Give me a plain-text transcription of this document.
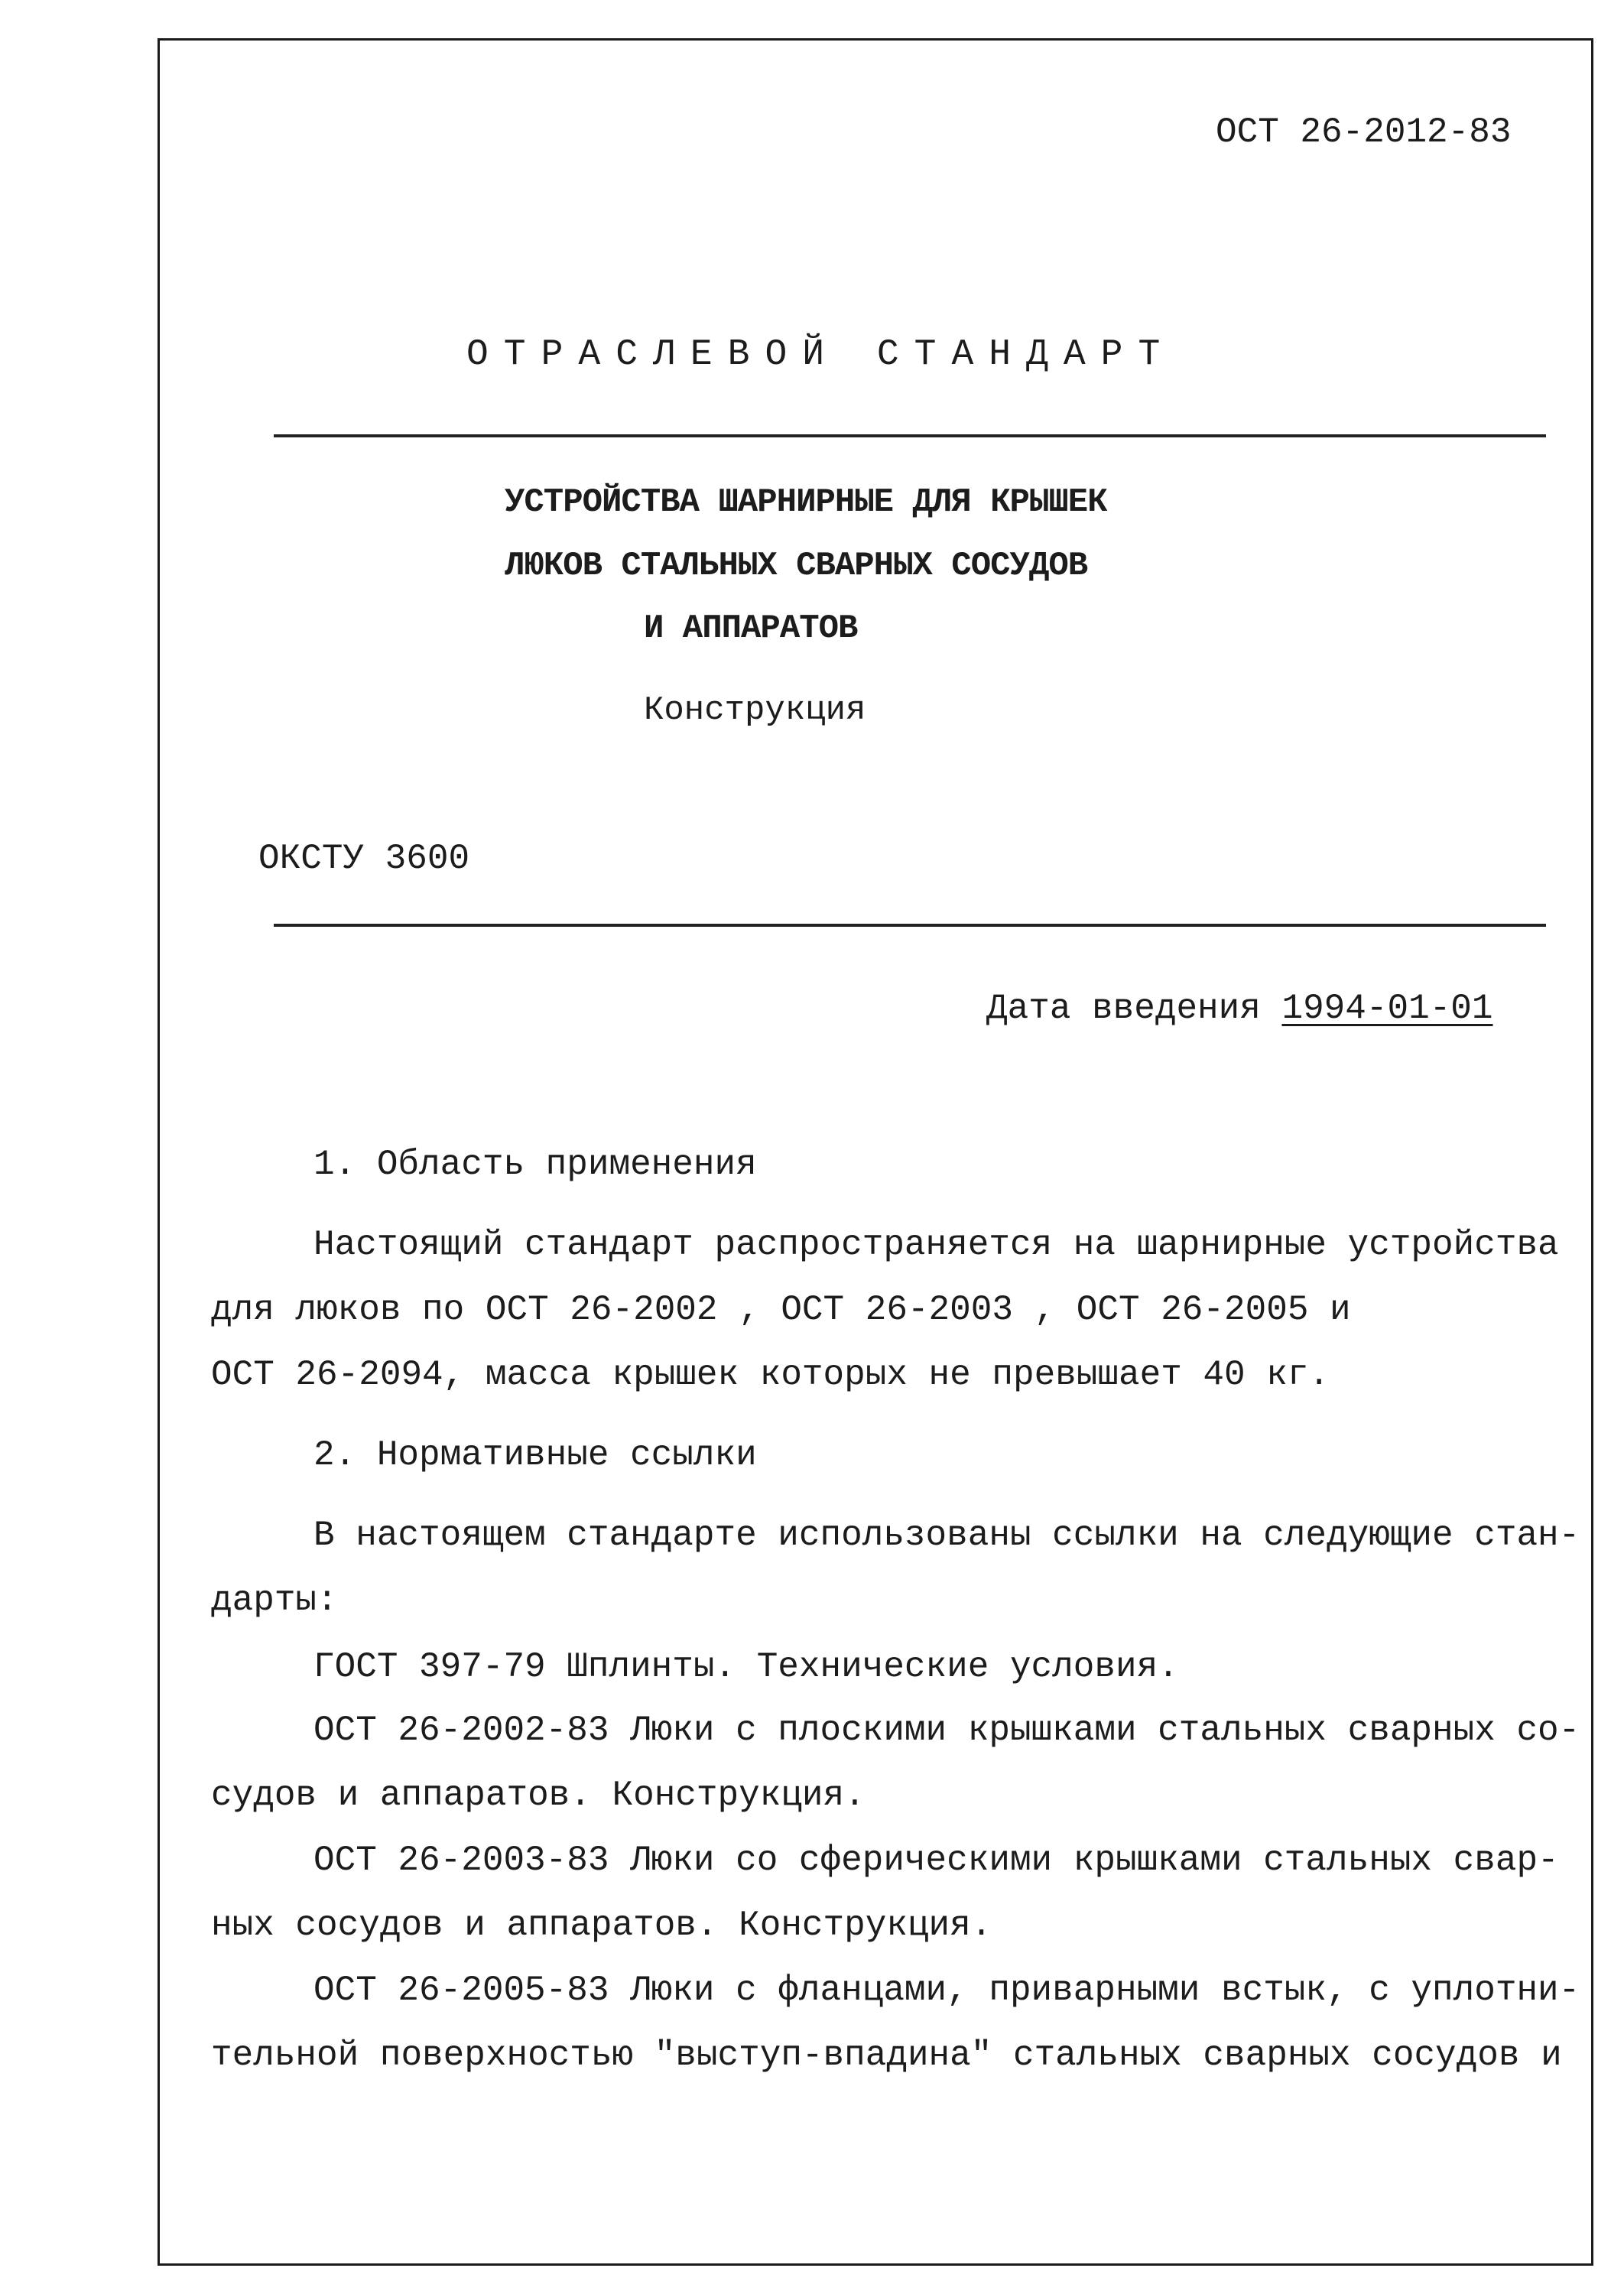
ОСТ 26-2012-83
ОТРАСЛЕВОЙ СТАНДАРТ
УСТРОЙСТВА ШАРНИРНЫЕ ДЛЯ КРЫШЕК
ЛЮКОВ СТАЛЬНЫХ СВАРНЫХ СОСУДОВ
И АППАРАТОВ
Конструкция
ОКСТУ 3600
Дата введения 1994-01-01
1. Область применения
Настоящий стандарт распространяется на шарнирные устройства
для люков по ОСТ 26-2002 , ОСТ 26-2003 , ОСТ 26-2005 и
ОСТ 26-2094, масса крышек которых не превышает 40 кг.
2. Нормативные ссылки
В настоящем стандарте использованы ссылки на следующие стан-
дарты:
ГОСТ 397-79 Шплинты. Технические условия.
ОСТ 26-2002-83 Люки с плоскими крышками стальных сварных со-
судов и аппаратов. Конструкция.
ОСТ 26-2003-83 Люки со сферическими крышками стальных свар-
ных сосудов и аппаратов. Конструкция.
ОСТ 26-2005-83 Люки с фланцами, приварными встык, с уплотни-
тельной поверхностью "выступ-впадина" стальных сварных сосудов и
